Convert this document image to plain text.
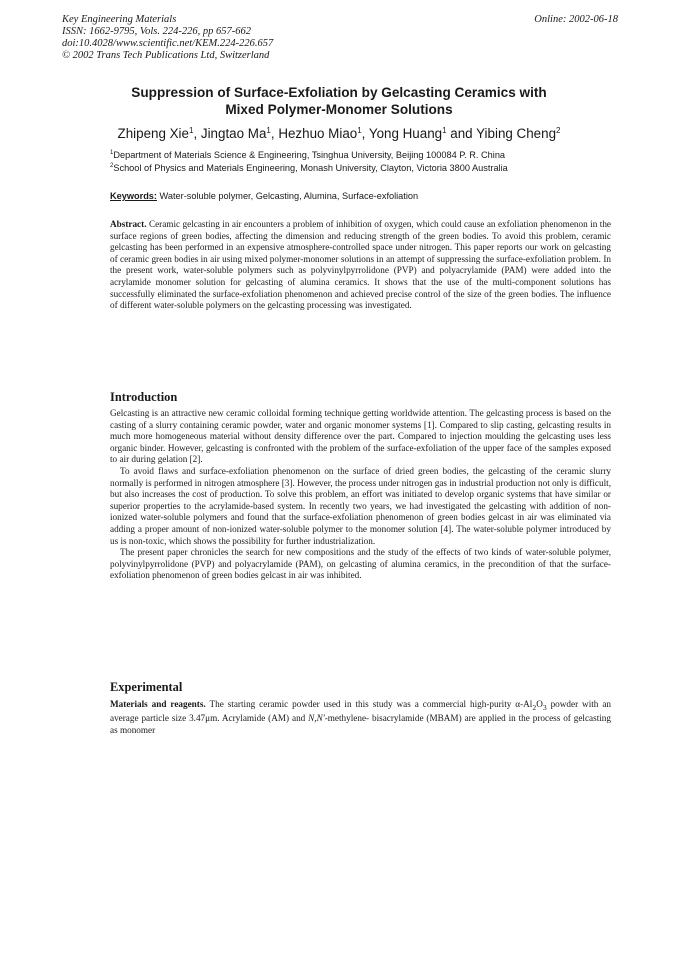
Key Engineering Materials
ISSN: 1662-9795, Vols. 224-226, pp 657-662
doi:10.4028/www.scientific.net/KEM.224-226.657
© 2002 Trans Tech Publications Ltd, Switzerland
Online: 2002-06-18
Suppression of Surface-Exfoliation by Gelcasting Ceramics with
Mixed Polymer-Monomer Solutions
Zhipeng Xie$^1$, Jingtao Ma$^1$, Hezhuo Miao$^1$, Yong Huang$^1$ and Yibing Cheng$^2$
$^1$Department of Materials Science & Engineering, Tsinghua University, Beijing 100084 P. R. China
$^2$School of Physics and Materials Engineering, Monash University, Clayton, Victoria 3800 Australia
Keywords: Water-soluble polymer, Gelcasting, Alumina, Surface-exfoliation
Abstract. Ceramic gelcasting in air encounters a problem of inhibition of oxygen, which could cause an exfoliation phenomenon in the surface regions of green bodies, affecting the dimension and reducing strength of the green bodies. To avoid this problem, ceramic gelcasting has been performed in an expensive atmosphere-controlled space under nitrogen. This paper reports our work on gelcasting of ceramic green bodies in air using mixed polymer-monomer solutions in an attempt of suppressing the surface-exfoliation problem. In the present work, water-soluble polymers such as polyvinylpyrrolidone (PVP) and polyacrylamide (PAM) were added into the acrylamide monomer solution for gelcasting of alumina ceramics. It shows that the use of the multi-component solutions has successfully eliminated the surface-exfoliation phenomenon and achieved precise control of the size of the green bodies. The influence of different water-soluble polymers on the gelcasting processing was investigated.
Introduction

Gelcasting is an attractive new ceramic colloidal forming technique getting worldwide attention. The gelcasting process is based on the casting of a slurry containing ceramic powder, water and organic monomer systems [1]. Compared to slip casting, gelcasting results in much more homogeneous material without density difference over the part. Compared to injection moulding the gelcasting uses less organic binder. However, gelcasting is confronted with the problem of the surface-exfoliation of the upper face of the samples exposed to air during gelation [2].

To avoid flaws and surface-exfoliation phenomenon on the surface of dried green bodies, the gelcasting of the ceramic slurry normally is performed in nitrogen atmosphere [3]. However, the process under nitrogen gas in industrial production not only is difficult, but also increases the cost of production. To solve this problem, an effort was initiated to develop organic systems that have similar or superior properties to the acrylamide-based system. In recently two years, we had investigated the gelcasting with addition of non-ionized water-soluble polymers and found that the surface-exfoliation phenomenon of green bodies gelcast in air was eliminated via adding a proper amount of non-ionized water-soluble polymer to the monomer solution [4]. The water-soluble polymer introduced by us is non-toxic, which shows the possibility for further industrialization.

The present paper chronicles the search for new compositions and the study of the effects of two kinds of water-soluble polymer, polyvinylpyrrolidone (PVP) and polyacrylamide (PAM), on gelcasting of alumina ceramics, in the precondition of that the surface-exfoliation phenomenon of green bodies gelcast in air was inhibited.

Experimental

Materials and reagents. The starting ceramic powder used in this study was a commercial high-purity $\alpha-Al_2O_3$ powder with an average particle size 3.47μm. Acrylamide (AM) and N,N'-methylene- bisacrylamide (MBAM) are applied in the process of gelcasting as monomer
